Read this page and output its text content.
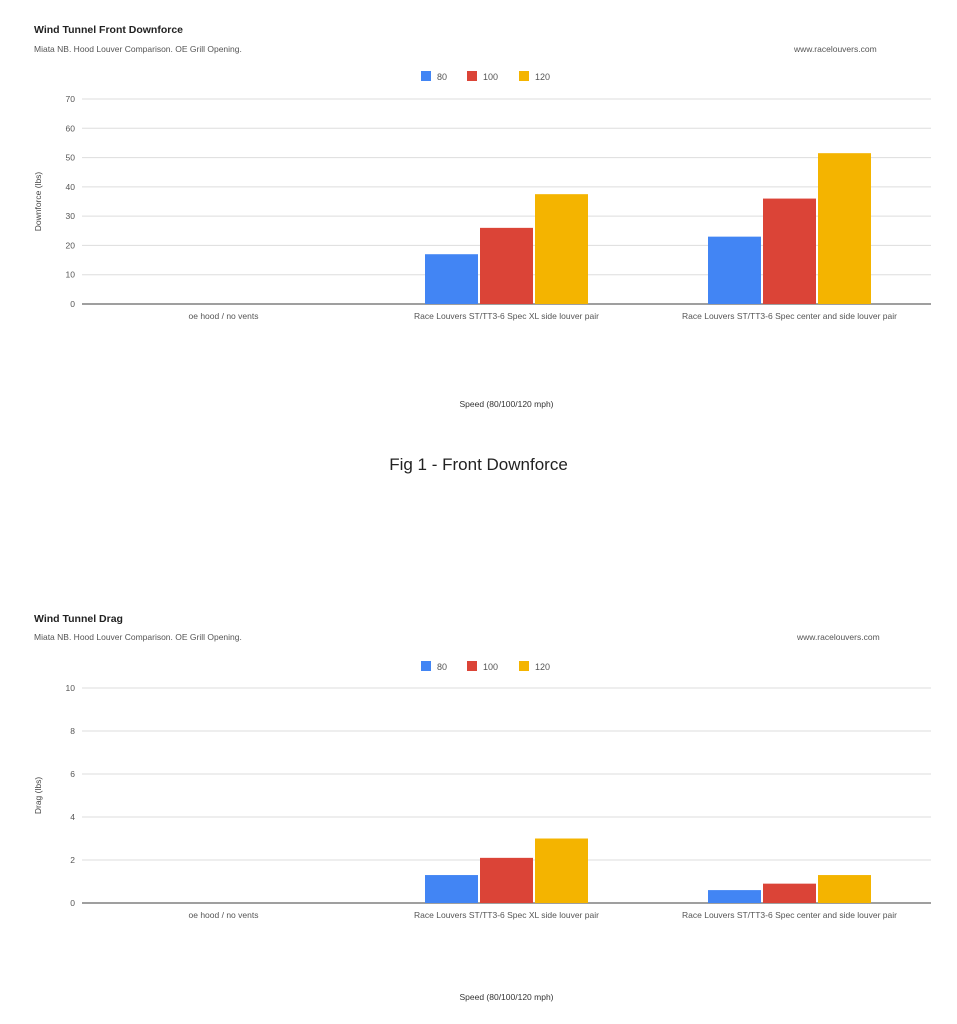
Wind Tunnel Front Downforce
Miata NB. Hood Louver Comparison. OE Grill Opening.	www.racelouvers.com
0
10
20
30
40
50
60
70
Downforce (lbs)
oe hood / no vents	Race Louvers ST/TT3-6 Spec XL side louver pair	Race Louvers ST/TT3-6 Spec center and side louver pair
Speed (80/100/120 mph)
80	100	120
Fig 1 - Front Downforce
Wind Tunnel Drag
Miata NB. Hood Louver Comparison. OE Grill Opening.	www.racelouvers.com
0
2
4
6
8
10
Drag (lbs)
oe hood / no vents	Race Louvers ST/TT3-6 Spec XL side louver pair	Race Louvers ST/TT3-6 Spec center and side louver pair
Speed (80/100/120 mph)
80	100	120
